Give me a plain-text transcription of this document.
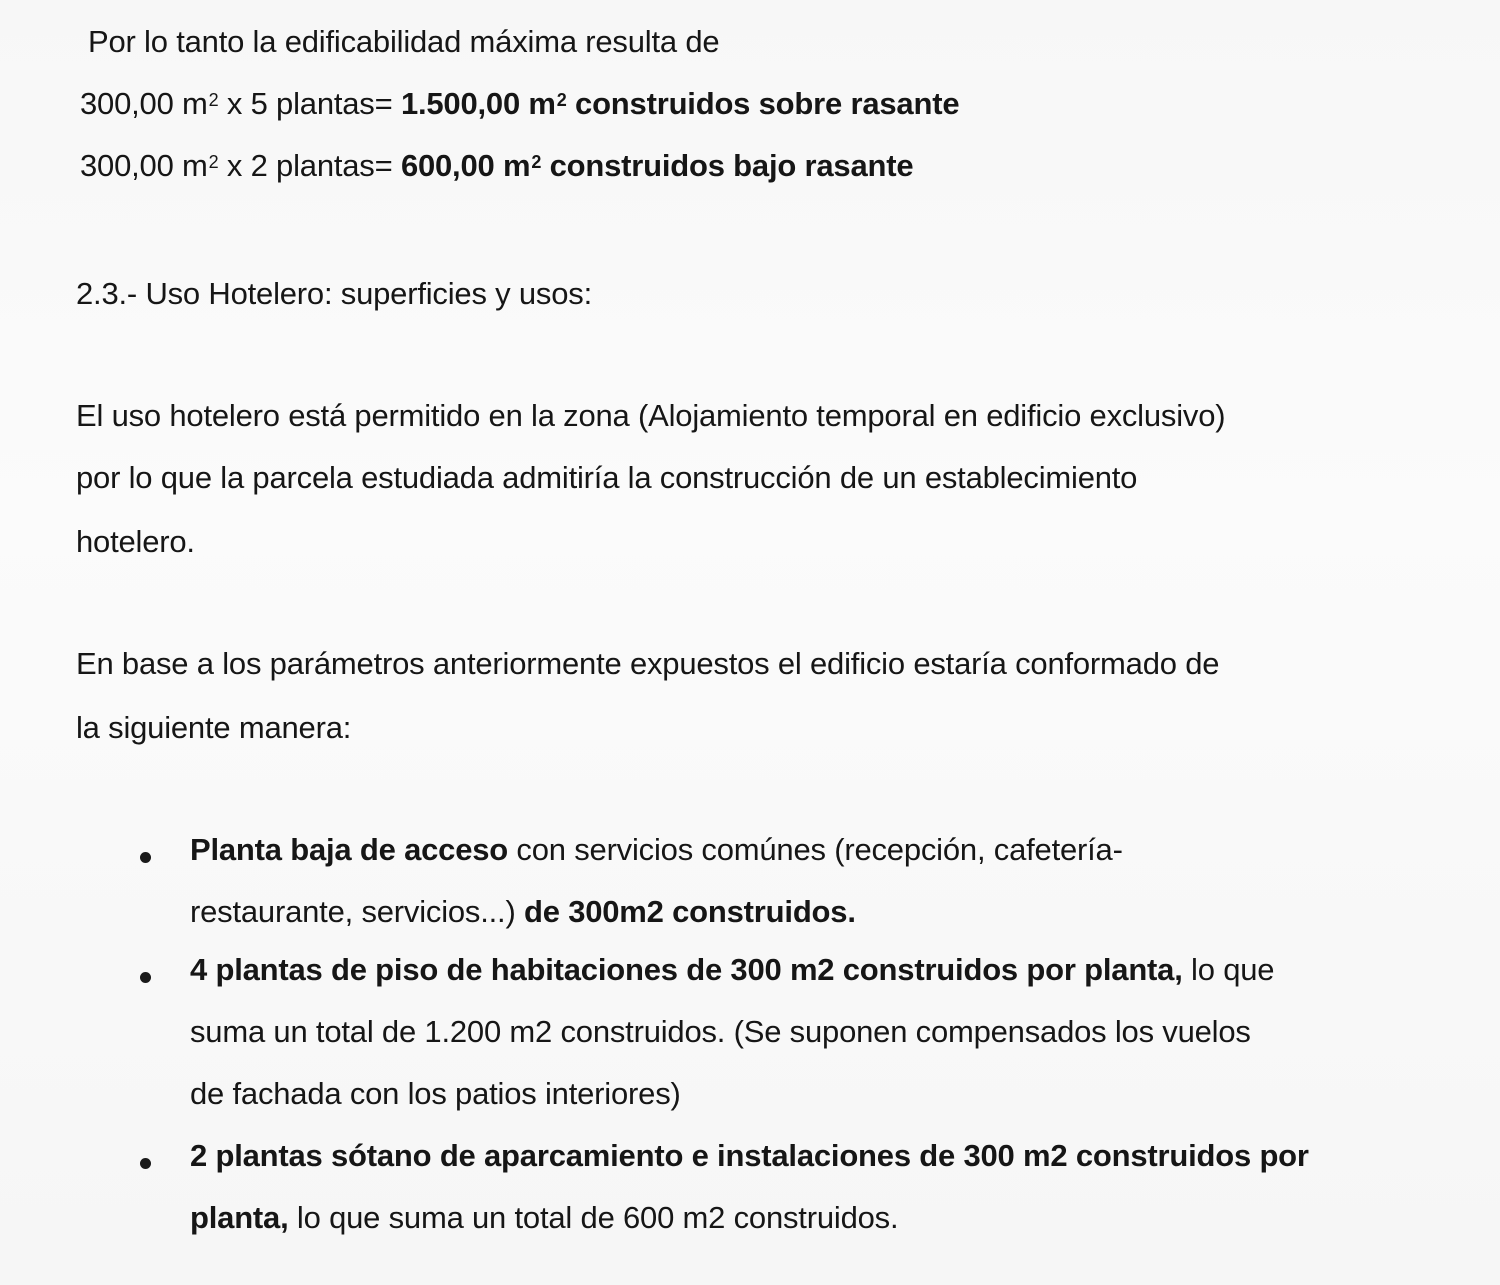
Por lo tanto la edificabilidad máxima resulta de
300,00 $m^2$ x 5 plantas= 1.500,00 $m^2$ construidos sobre rasante
300,00 $m^2$ x 2 plantas= 600,00 $m^2$ construidos bajo rasante
2.3.- Uso Hotelero: superficies y usos:
El uso hotelero está permitido en la zona (Alojamiento temporal en edificio exclusivo)
por lo que la parcela estudiada admitiría la construcción de un establecimiento
hotelero.
En base a los parámetros anteriormente expuestos el edificio estaría conformado de
la siguiente manera:
Planta baja de acceso con servicios comúnes (recepción, cafetería-
restaurante, servicios...) de 300m2 construidos.
4 plantas de piso de habitaciones de 300 m2 construidos por planta, lo que
suma un total de 1.200 m2 construidos. (Se suponen compensados los vuelos
de fachada con los patios interiores)
2 plantas sótano de aparcamiento e instalaciones de 300 m2 construidos por
planta, lo que suma un total de 600 m2 construidos.
